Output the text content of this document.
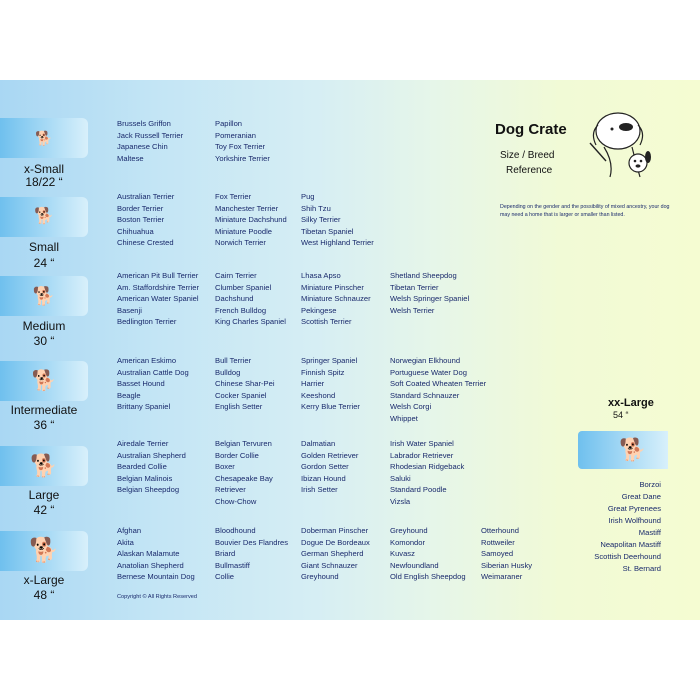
Dog Crate
Size / Breed
Reference
Depending on the gender and the possibility of mixed ancestry, your dog may need a home that is larger or smaller than listed.
Copyright © All Rights Reserved
🐕
x-Small
18/22 “
Brussels Griffon
Jack Russell Terrier
Japanese Chin
Maltese
Papillon
Pomeranian
Toy Fox Terrier
Yorkshire Terrier
🐕
Small
24 “
Australian Terrier
Border Terrier
Boston Terrier
Chihuahua
Chinese Crested
Fox Terrier
Manchester Terrier
Miniature Dachshund
Miniature Poodle
Norwich Terrier
Pug
Shih Tzu
Silky Terrier
Tibetan Spaniel
West Highland Terrier
🐕
Medium
30 “
American Pit Bull Terrier
Am. Staffordshire Terrier
American Water Spaniel
Basenji
Bedlington Terrier
Cairn Terrier
Clumber Spaniel
Dachshund
French Bulldog
King Charles Spaniel
Lhasa Apso
Miniature Pinscher
Miniature Schnauzer
Pekingese
Scottish Terrier
Shetland Sheepdog
Tibetan Terrier
Welsh Springer Spaniel
Welsh Terrier
🐕
Intermediate
36 “
American Eskimo
Australian Cattle Dog
Basset Hound
Beagle
Brittany Spaniel
Bull Terrier
Bulldog
Chinese Shar-Pei
Cocker Spaniel
English Setter
Springer Spaniel
Finnish Spitz
Harrier
Keeshond
Kerry Blue Terrier
Norwegian Elkhound
Portuguese Water Dog
Soft Coated Wheaten Terrier
Standard Schnauzer
Welsh Corgi
Whippet
🐕
Large
42 “
Airedale Terrier
Australian Shepherd
Bearded Collie
Belgian Malinois
Belgian Sheepdog
Belgian Tervuren
Border Collie
Boxer
Chesapeake Bay
Retriever
Chow-Chow
Dalmatian
Golden Retriever
Gordon Setter
Ibizan Hound
Irish Setter
Irish Water Spaniel
Labrador Retriever
Rhodesian Ridgeback
Saluki
Standard Poodle
Vizsla
🐕
x-Large
48 “
Afghan
Akita
Alaskan Malamute
Anatolian Shepherd
Bernese Mountain Dog
Bloodhound
Bouvier Des Flandres
Briard
Bullmastiff
Collie
Doberman Pinscher
Dogue De Bordeaux
German Shepherd
Giant Schnauzer
Greyhound
Greyhound
Komondor
Kuvasz
Newfoundland
Old English Sheepdog
Otterhound
Rottweiler
Samoyed
Siberian Husky
Weimaraner
xx-Large
54 “
🐕
Borzoi
Great Dane
Great Pyrenees
Irish Wolfhound
Mastiff
Neapolitan Mastiff
Scottish Deerhound
St. Bernard
